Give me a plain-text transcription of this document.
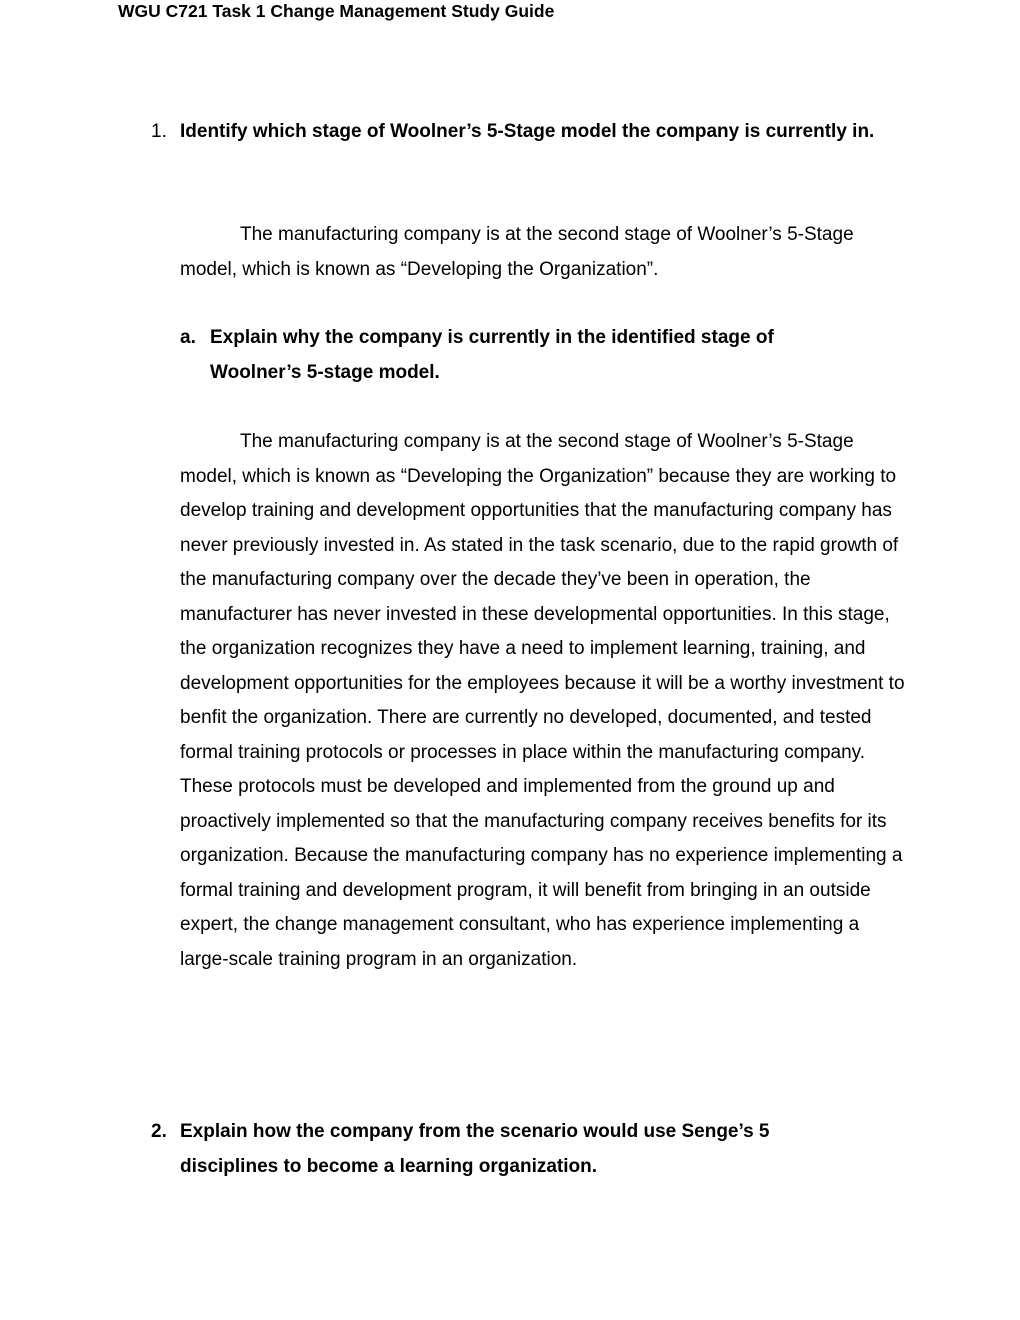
WGU C721 Task 1 Change Management Study Guide
1. Identify which stage of Woolner’s 5-Stage model the company is currently in.
The manufacturing company is at the second stage of Woolner’s 5-Stage model, which is known as “Developing the Organization”.
a. Explain why the company is currently in the identified stage of Woolner’s 5-stage model.
The manufacturing company is at the second stage of Woolner’s 5-Stage model, which is known as “Developing the Organization” because they are working to develop training and development opportunities that the manufacturing company has never previously invested in. As stated in the task scenario, due to the rapid growth of the manufacturing company over the decade they’ve been in operation, the manufacturer has never invested in these developmental opportunities. In this stage, the organization recognizes they have a need to implement learning, training, and development opportunities for the employees because it will be a worthy investment to benfit the organization. There are currently no developed, documented, and tested formal training protocols or processes in place within the manufacturing company. These protocols must be developed and implemented from the ground up and proactively implemented so that the manufacturing company receives benefits for its organization. Because the manufacturing company has no experience implementing a formal training and development program, it will benefit from bringing in an outside expert, the change management consultant, who has experience implementing a large-scale training program in an organization.
2. Explain how the company from the scenario would use Senge’s 5 disciplines to become a learning organization.
